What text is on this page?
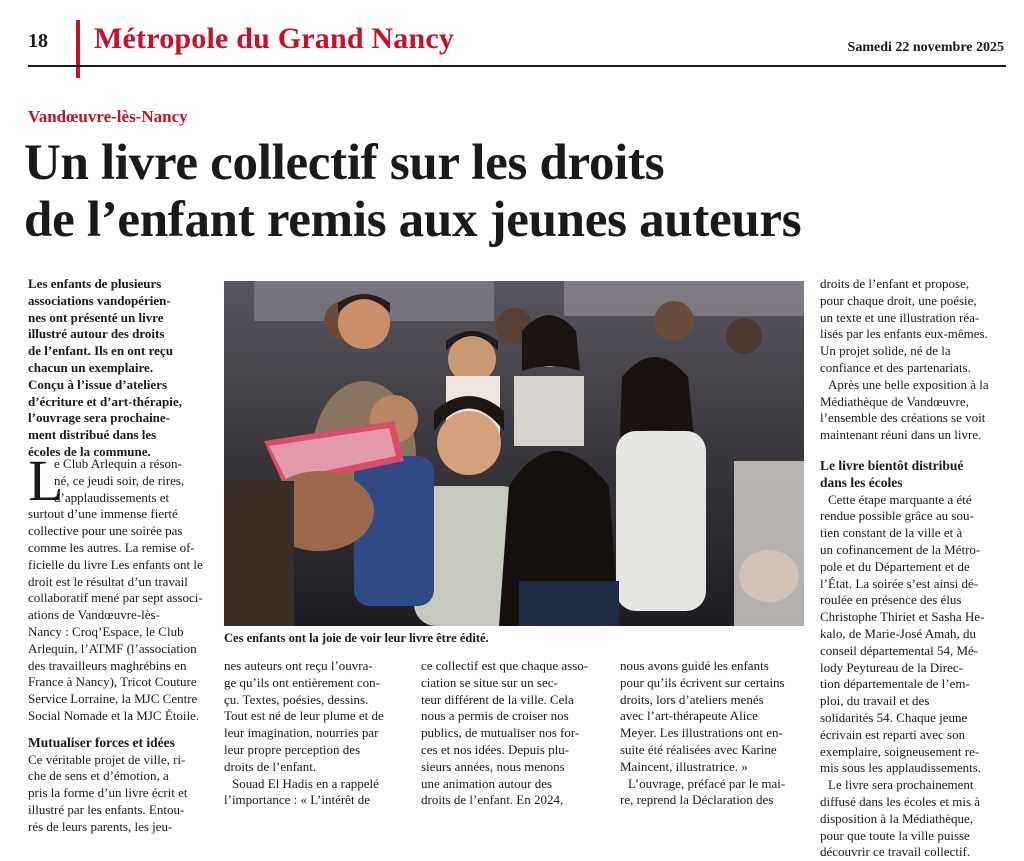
18 Métropole du Grand Nancy	Samedi 22 novembre 2025
Vandœuvre-lès-Nancy
Un livre collectif sur les droits
de l’enfant remis aux jeunes auteurs
Les enfants de plusieurs
associations vandopérien-
nes ont présenté un livre
illustré autour des droits
de l’enfant. Ils en ont reçu
chacun un exemplaire.
Conçu à l’issue d’ateliers
d’écriture et d’art-thérapie,
l’ouvrage sera prochaine-
ment distribué dans les
écoles de la commune.
L
e Club Arlequin a réson-
né, ce jeudi soir, de rires,
d’applaudissements et
surtout d’une immense fierté
collective pour une soirée pas
comme les autres. La remise of-
ficielle du livre Les enfants ont le
droit est le résultat d’un travail
collaboratif mené par sept associ-
ations de Vandœuvre-lès-
Nancy : Croq’Espace, le Club
Arlequin, l’ATMF (l’association
des travailleurs maghrébins en
France à Nancy), Tricot Couture
Service Lorraine, la MJC Centre
Social Nomade et la MJC Étoile.
Mutualiser forces et idées
Ce véritable projet de ville, ri-
che de sens et d’émotion, a
pris la forme d’un livre écrit et
illustré par les enfants. Entou-
rés de leurs parents, les jeu-
Ces enfants ont la joie de voir leur livre être édité.
nes auteurs ont reçu l’ouvra-
ge qu’ils ont entièrement con-
çu. Textes, poésies, dessins.
Tout est né de leur plume et de
leur imagination, nourries par
leur propre perception des
droits de l’enfant.
Souad El Hadis en a rappelé
l’importance : « L’intérêt de
ce collectif est que chaque asso-
ciation se situe sur un sec-
teur différent de la ville. Cela
nous a permis de croiser nos
publics, de mutualiser nos for-
ces et nos idées. Depuis plu-
sieurs années, nous menons
une animation autour des
droits de l’enfant. En 2024,
nous avons guidé les enfants
pour qu’ils écrivent sur certains
droits, lors d’ateliers menés
avec l’art-thérapeute Alice
Meyer. Les illustrations ont en-
suite été réalisées avec Karine
Maincent, illustratrice. »
L’ouvrage, préfacé par le mai-
re, reprend la Déclaration des
droits de l’enfant et propose,
pour chaque droit, une poésie,
un texte et une illustration réa-
lisés par les enfants eux-mêmes.
Un projet solide, né de la
confiance et des partenariats.
Après une belle exposition à la
Médiathèque de Vandœuvre,
l’ensemble des créations se voit
maintenant réuni dans un livre.
Le livre bientôt distribué
dans les écoles
Cette étape marquante a été
rendue possible grâce au sou-
tien constant de la ville et à
un cofinancement de la Métro-
pole et du Département et de
l’État. La soirée s’est ainsi dé-
roulée en présence des élus
Christophe Thiriet et Sasha He-
kalo, de Marie-José Amah, du
conseil départemental 54, Mé-
lody Peytureau de la Direc-
tion départementale de l’em-
ploi, du travail et des
solidarités 54. Chaque jeune
écrivain est reparti avec son
exemplaire, soigneusement re-
mis sous les applaudissements.
Le livre sera prochainement
diffusé dans les écoles et mis à
disposition à la Médiathèque,
pour que toute la ville puisse
découvrir ce travail collectif.
